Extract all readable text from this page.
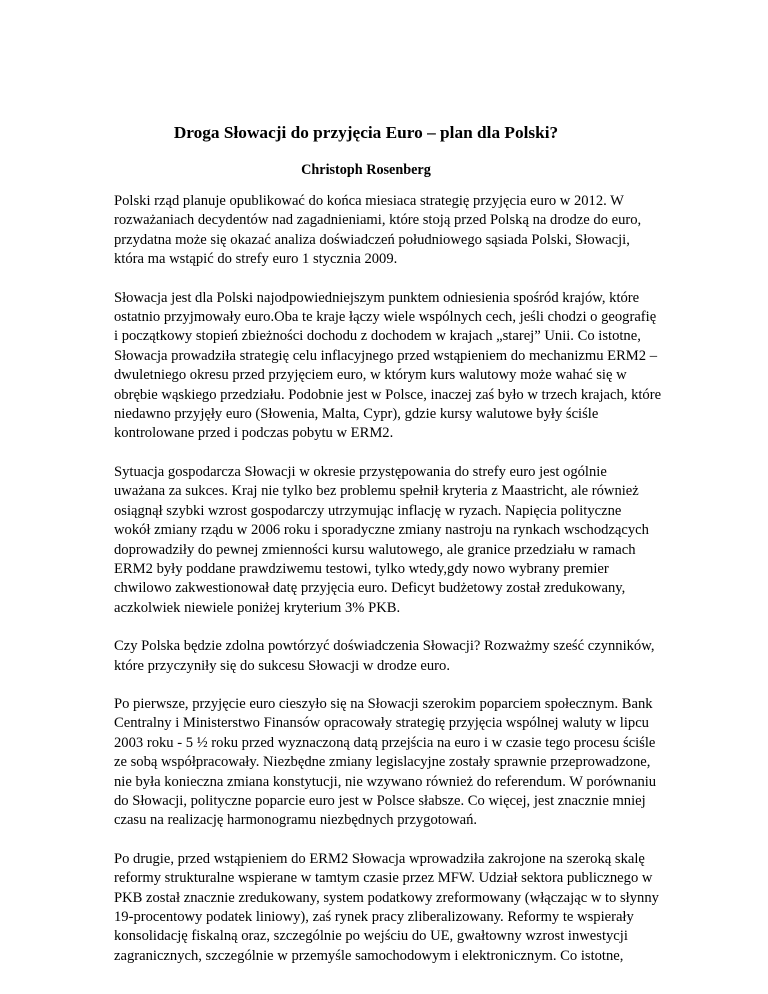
Droga Słowacji do przyjęcia Euro – plan dla Polski?

Christoph Rosenberg

Polski rząd planuje opublikować do końca miesiaca strategię przyjęcia euro w 2012. W
rozważaniach decydentów nad zagadnieniami, które stoją przed Polską na drodze do euro,
przydatna może się okazać analiza doświadczeń południowego sąsiada Polski, Słowacji,
która ma wstąpić do strefy euro 1 stycznia 2009.

Słowacja jest dla Polski najodpowiedniejszym punktem odniesienia spośród krajów, które
ostatnio przyjmowały euro.Oba te kraje łączy wiele wspólnych cech, jeśli chodzi o geografię
i początkowy stopień zbieżności dochodu z dochodem w krajach „starej” Unii. Co istotne,
Słowacja prowadziła strategię celu inflacyjnego przed wstąpieniem do mechanizmu ERM2 –
dwuletniego okresu przed przyjęciem euro, w którym kurs walutowy może wahać się w
obrębie wąskiego przedziału. Podobnie jest w Polsce, inaczej zaś było w trzech krajach, które
niedawno przyjęły euro (Słowenia, Malta, Cypr), gdzie kursy walutowe były ściśle
kontrolowane przed i podczas pobytu w ERM2.

Sytuacja gospodarcza Słowacji w okresie przystępowania do strefy euro jest ogólnie
uważana za sukces. Kraj nie tylko bez problemu spełnił kryteria z Maastricht, ale również
osiągnął szybki wzrost gospodarczy utrzymując inflację w ryzach. Napięcia polityczne
wokół zmiany rządu w 2006 roku i sporadyczne zmiany nastroju na rynkach wschodzących
doprowadziły do pewnej zmienności kursu walutowego, ale granice przedziału w ramach
ERM2 były poddane prawdziwemu testowi, tylko wtedy,gdy nowo wybrany premier
chwilowo zakwestionował datę przyjęcia euro. Deficyt budżetowy został zredukowany,
aczkolwiek niewiele poniżej kryterium 3% PKB.

Czy Polska będzie zdolna powtórzyć doświadczenia Słowacji? Rozważmy sześć czynników,
które przyczyniły się do sukcesu Słowacji w drodze euro.

Po pierwsze, przyjęcie euro cieszyło się na Słowacji szerokim poparciem społecznym. Bank
Centralny i Ministerstwo Finansów opracowały strategię przyjęcia wspólnej waluty w lipcu
2003 roku - 5 ½ roku przed wyznaczoną datą przejścia na euro i w czasie tego procesu ściśle
ze sobą współpracowały. Niezbędne zmiany legislacyjne zostały sprawnie przeprowadzone,
nie była konieczna zmiana konstytucji, nie wzywano również do referendum. W porównaniu
do Słowacji, polityczne poparcie euro jest w Polsce słabsze. Co więcej, jest znacznie mniej
czasu na realizację harmonogramu niezbędnych przygotowań.

Po drugie, przed wstąpieniem do ERM2 Słowacja wprowadziła zakrojone na szeroką skalę
reformy strukturalne wspierane w tamtym czasie przez MFW. Udział sektora publicznego w
PKB został znacznie zredukowany, system podatkowy zreformowany (włączając w to słynny
19-procentowy podatek liniowy), zaś rynek pracy zliberalizowany. Reformy te wspierały
konsolidację fiskalną oraz, szczególnie po wejściu do UE, gwałtowny wzrost inwestycji
zagranicznych, szczególnie w przemyśle samochodowym i elektronicznym. Co istotne,
